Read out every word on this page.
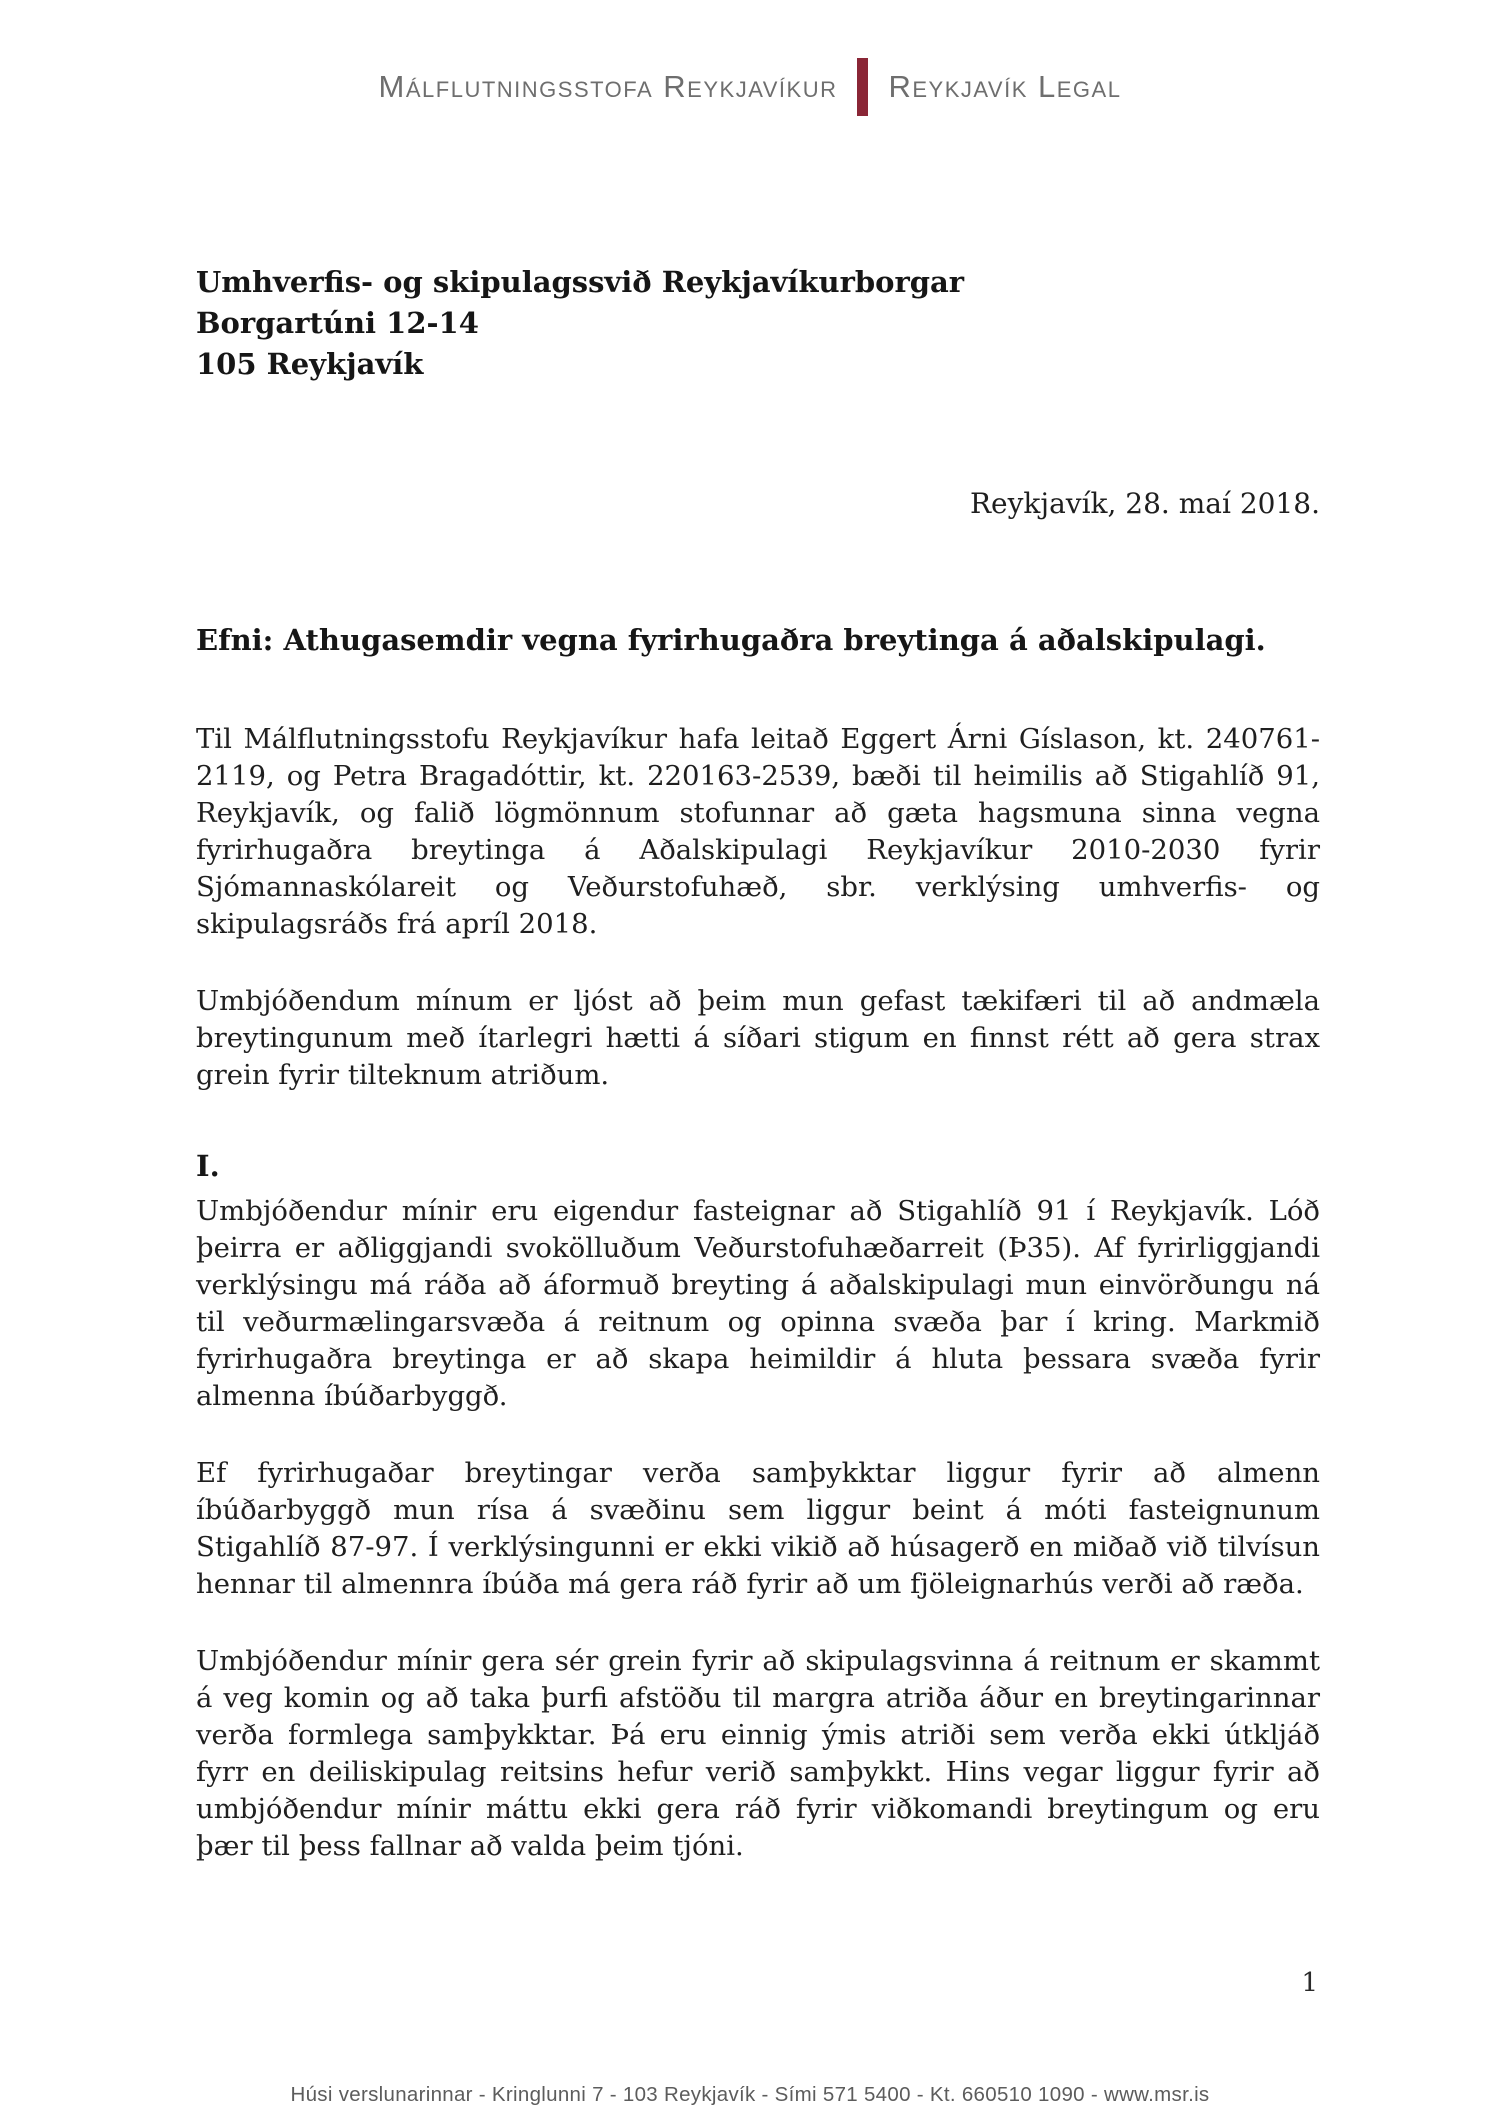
Málflutningsstofa Reykjavíkur Reykjavík Legal
Umhverfis- og skipulagssvið Reykjavíkurborgar
Borgartúni 12-14
105 Reykjavík
Reykjavík, 28. maí 2018.
Efni: Athugasemdir vegna fyrirhugaðra breytinga á aðalskipulagi.

Til Málflutningsstofu Reykjavíkur hafa leitað Eggert Árni Gíslason, kt. 240761-2119, og Petra Bragadóttir, kt. 220163-2539, bæði til heimilis að Stigahlíð 91, Reykjavík, og falið lögmönnum stofunnar að gæta hagsmuna sinna vegna fyrirhugaðra breytinga á Aðalskipulagi Reykjavíkur 2010-2030 fyrir Sjómannaskólareit og Veðurstofuhæð, sbr. verklýsing umhverfis- og skipulagsráðs frá apríl 2018.

Umbjóðendum mínum er ljóst að þeim mun gefast tækifæri til að andmæla breytingunum með ítarlegri hætti á síðari stigum en finnst rétt að gera strax grein fyrir tilteknum atriðum.

I.

Umbjóðendur mínir eru eigendur fasteignar að Stigahlíð 91 í Reykjavík. Lóð þeirra er aðliggjandi svokölluðum Veðurstofuhæðarreit (Þ35). Af fyrirliggjandi verklýsingu má ráða að áformuð breyting á aðalskipulagi mun einvörðungu ná til veðurmælingarsvæða á reitnum og opinna svæða þar í kring. Markmið fyrirhugaðra breytinga er að skapa heimildir á hluta þessara svæða fyrir almenna íbúðarbyggð.

Ef fyrirhugaðar breytingar verða samþykktar liggur fyrir að almenn íbúðarbyggð mun rísa á svæðinu sem liggur beint á móti fasteignunum Stigahlíð 87-97. Í verklýsingunni er ekki vikið að húsagerð en miðað við tilvísun hennar til almennra íbúða má gera ráð fyrir að um fjöleignarhús verði að ræða.

Umbjóðendur mínir gera sér grein fyrir að skipulagsvinna á reitnum er skammt á veg komin og að taka þurfi afstöðu til margra atriða áður en breytingarinnar verða formlega samþykktar. Þá eru einnig ýmis atriði sem verða ekki útkljáð fyrr en deiliskipulag reitsins hefur verið samþykkt. Hins vegar liggur fyrir að umbjóðendur mínir máttu ekki gera ráð fyrir viðkomandi breytingum og eru þær til þess fallnar að valda þeim tjóni.

1
Húsi verslunarinnar - Kringlunni 7 - 103 Reykjavík - Sími 571 5400 - Kt. 660510 1090 - www.msr.is
